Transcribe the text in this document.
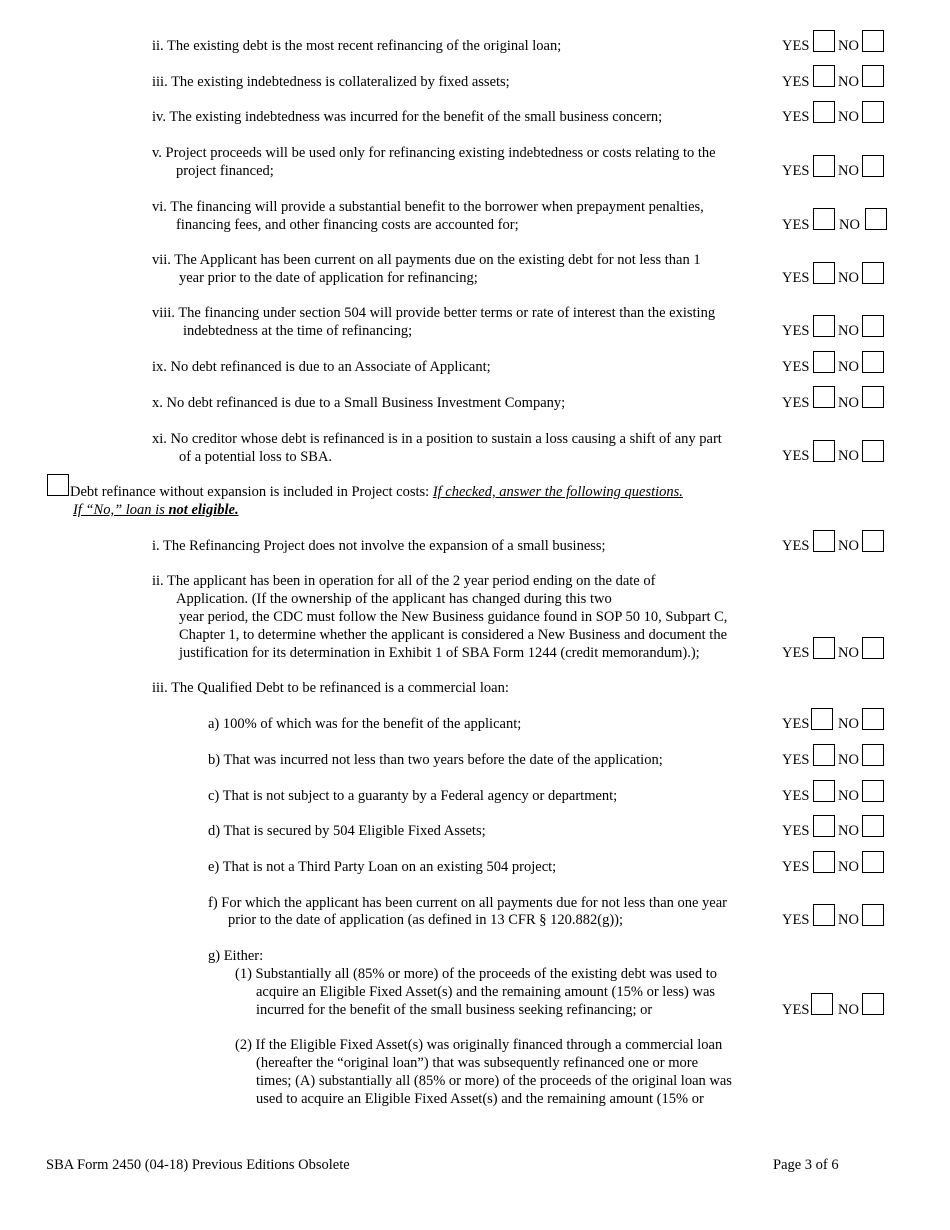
ii. The existing debt is the most recent refinancing of the original loan;
iii. The existing indebtedness is collateralized by fixed assets;
iv. The existing indebtedness was incurred for the benefit of the small business concern;
v. Project proceeds will be used only for refinancing existing indebtedness or costs relating to the
project financed;
vi. The financing will provide a substantial benefit to the borrower when prepayment penalties,
financing fees, and other financing costs are accounted for;
vii. The Applicant has been current on all payments due on the existing debt for not less than 1
year prior to the date of application for refinancing;
viii. The financing under section 504 will provide better terms or rate of interest than the existing
indebtedness at the time of refinancing;
ix. No debt refinanced is due to an Associate of Applicant;
x. No debt refinanced is due to a Small Business Investment Company;
xi. No creditor whose debt is refinanced is in a position to sustain a loss causing a shift of any part
of a potential loss to SBA.
Debt refinance without expansion is included in Project costs: If checked, answer the following questions.
If “No,” loan is not eligible.
i. The Refinancing Project does not involve the expansion of a small business;
ii. The applicant has been in operation for all of the 2 year period ending on the date of
Application. (If the ownership of the applicant has changed during this two
year period, the CDC must follow the New Business guidance found in SOP 50 10, Subpart C,
Chapter 1, to determine whether the applicant is considered a New Business and document the
justification for its determination in Exhibit 1 of SBA Form 1244 (credit memorandum).);
iii. The Qualified Debt to be refinanced is a commercial loan:
a) 100% of which was for the benefit of the applicant;
b) That was incurred not less than two years before the date of the application;
c) That is not subject to a guaranty by a Federal agency or department;
d) That is secured by 504 Eligible Fixed Assets;
e) That is not a Third Party Loan on an existing 504 project;
f) For which the applicant has been current on all payments due for not less than one year
prior to the date of application (as defined in 13 CFR § 120.882(g));
g) Either:
(1) Substantially all (85% or more) of the proceeds of the existing debt was used to
acquire an Eligible Fixed Asset(s) and the remaining amount (15% or less) was
incurred for the benefit of the small business seeking refinancing; or
(2) If the Eligible Fixed Asset(s) was originally financed through a commercial loan
(hereafter the “original loan”) that was subsequently refinanced one or more
times; (A) substantially all (85% or more) of the proceeds of the original loan was
used to acquire an Eligible Fixed Asset(s) and the remaining amount (15% or
YES NO
YES NO
YES NO
YES NO
YES NO
YES NO
YES NO
YES NO
YES NO
YES NO
YES NO
YES NO
YES NO
YES NO
YES NO
YES NO
YES NO
YES NO
YES NO
SBA Form 2450 (04-18) Previous Editions Obsolete	Page 3 of 6
